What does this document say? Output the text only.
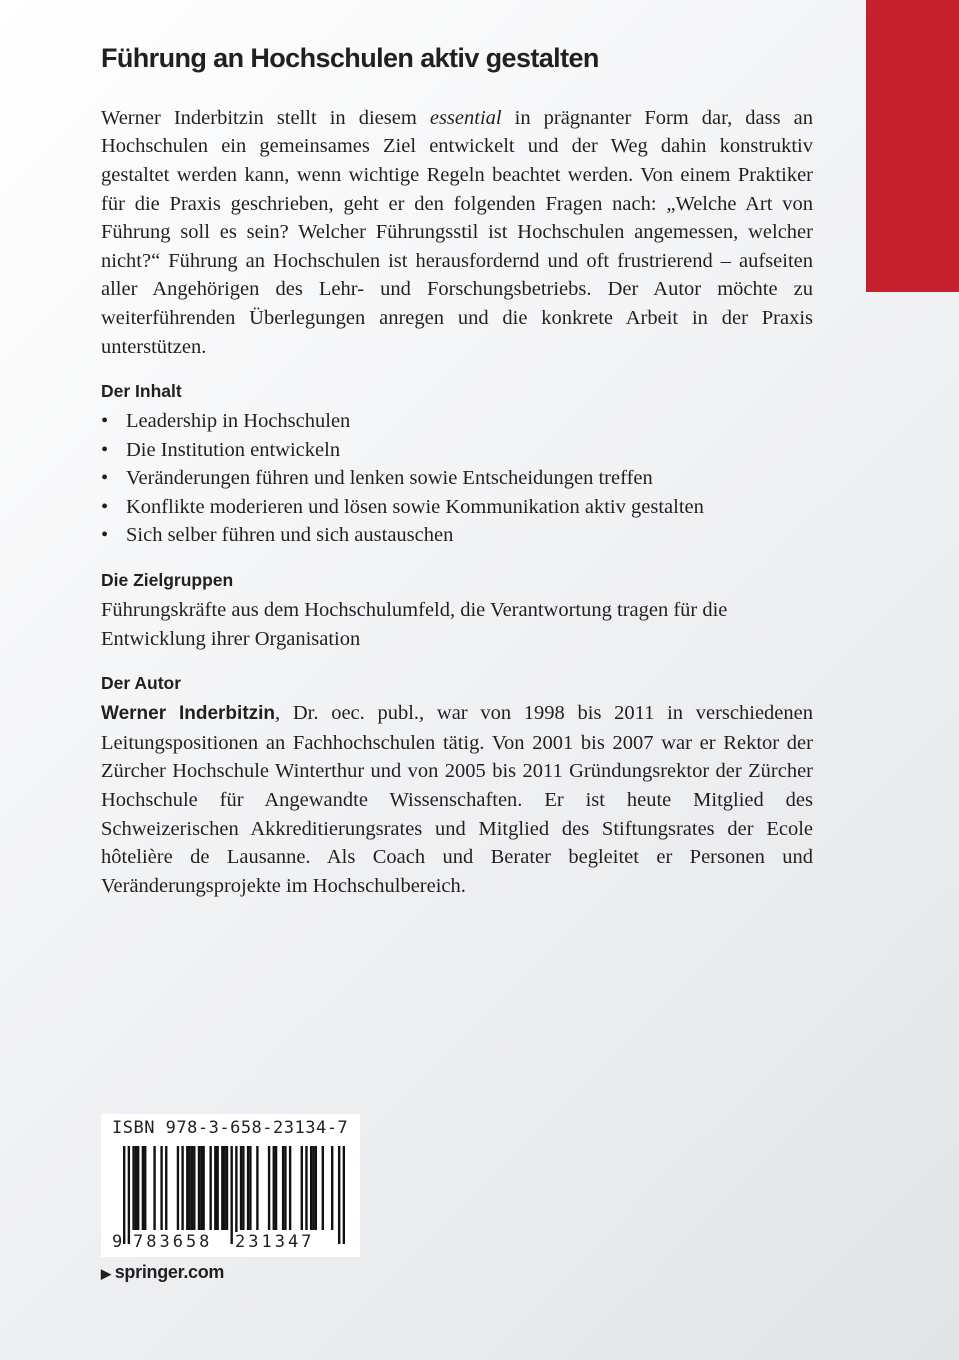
Führung an Hochschulen aktiv gestalten

Werner Inderbitzin stellt in diesem essential in prägnanter Form dar, dass an Hochschulen ein gemeinsames Ziel entwickelt und der Weg dahin konstruktiv gestaltet werden kann, wenn wichtige Regeln beachtet werden. Von einem Praktiker für die Praxis geschrieben, geht er den folgenden Fragen nach: „Welche Art von Führung soll es sein? Welcher Führungsstil ist Hochschulen angemessen, welcher nicht?“ Führung an Hochschulen ist herausfordernd und oft frustrierend – aufseiten aller Angehörigen des Lehr- und Forschungsbetriebs. Der Autor möchte zu weiterführenden Überlegungen anregen und die konkrete Arbeit in der Praxis unterstützen.

Der Inhalt
• Leadership in Hochschulen
• Die Institution entwickeln
• Veränderungen führen und lenken sowie Entscheidungen treffen
• Konflikte moderieren und lösen sowie Kommunikation aktiv gestalten
• Sich selber führen und sich austauschen
Die Zielgruppen

Führungskräfte aus dem Hochschulumfeld, die Verantwortung tragen für die Entwicklung ihrer Organisation

Der Autor

Werner Inderbitzin, Dr. oec. publ., war von 1998 bis 2011 in verschiedenen Leitungspositionen an Fachhochschulen tätig. Von 2001 bis 2007 war er Rektor der Zürcher Hochschule Winterthur und von 2005 bis 2011 Gründungsrektor der Zürcher Hochschule für Angewandte Wissenschaften. Er ist heute Mitglied des Schweizerischen Akkreditierungsrates und Mitglied des Stiftungsrates der Ecole hôtelière de Lausanne. Als Coach und Berater begleitet er Personen und Veränderungsprojekte im Hochschulbereich.

ISBN 978-3-658-23134-7
9 783658 231347
▶ springer.com
